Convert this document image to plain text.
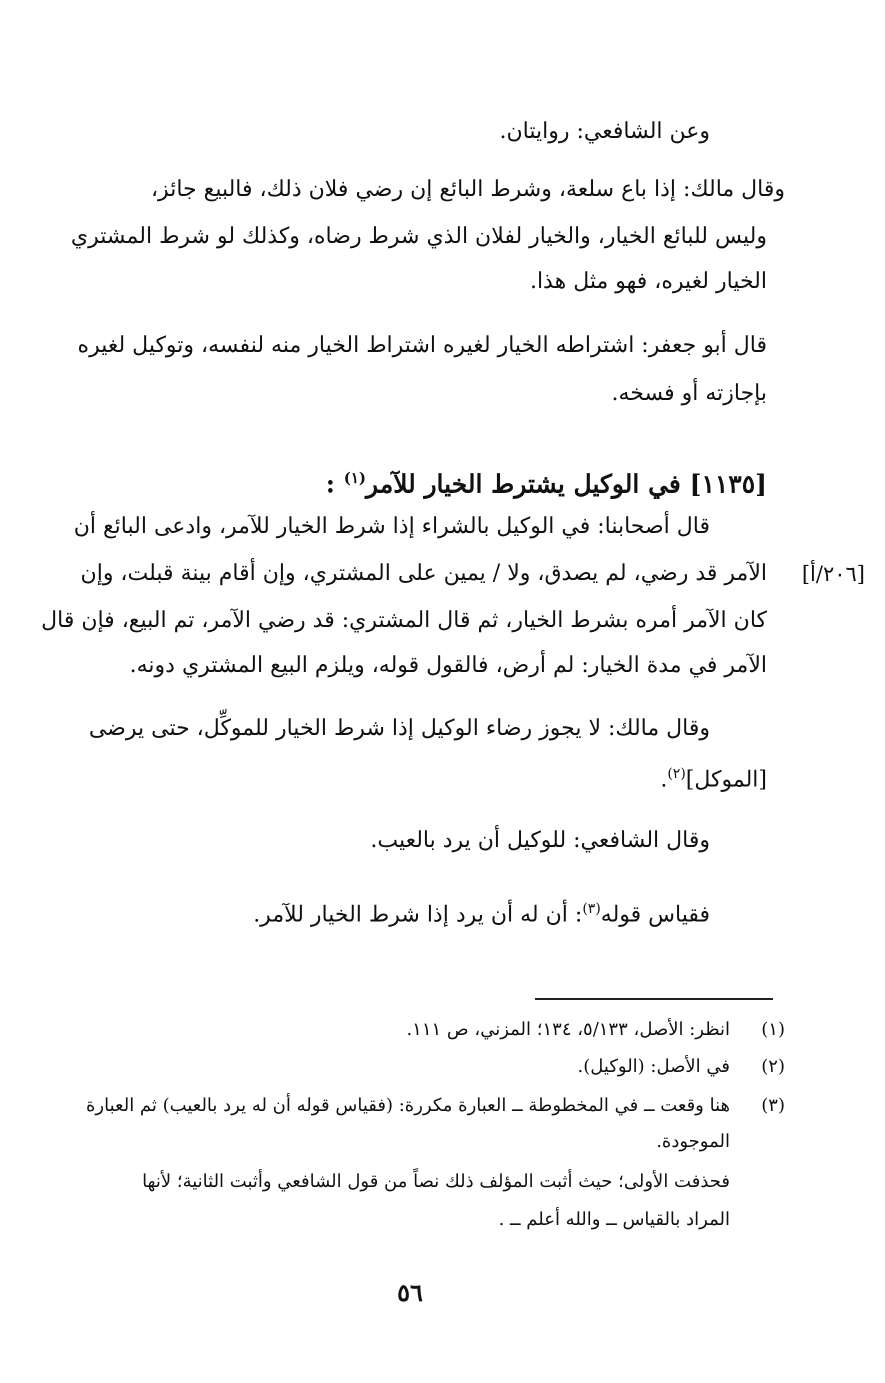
وعن الشافعي: روايتان.
وقال مالك: إذا باع سلعة، وشرط البائع إن رضي فلان ذلك، فالبيع جائز،
وليس للبائع الخيار، والخيار لفلان الذي شرط رضاه، وكذلك لو شرط المشتري
الخيار لغيره، فهو مثل هذا.
قال أبو جعفر: اشتراطه الخيار لغيره اشتراط الخيار منه لنفسه، وتوكيل لغيره
بإجازته أو فسخه.
[١١٣٥] في الوكيل يشترط الخيار للآمر$^{(١)}$ :
قال أصحابنا: في الوكيل بالشراء إذا شرط الخيار للآمر، وادعى البائع أن
الآمر قد رضي، لم يصدق، ولا / يمين على المشتري، وإن أقام بينة قبلت، وإن [٢٠٦/أ]
كان الآمر أمره بشرط الخيار، ثم قال المشتري: قد رضي الآمر، تم البيع، فإن قال
الآمر في مدة الخيار: لم أرض، فالقول قوله، ويلزم البيع المشتري دونه.
وقال مالك: لا يجوز رضاء الوكيل إذا شرط الخيار للموكِّل، حتى يرضى
[الموكل]$^{(٢)}$.
وقال الشافعي: للوكيل أن يرد بالعيب.
فقياس قوله$^{(٣)}$: أن له أن يرد إذا شرط الخيار للآمر.
(١)
انظر: الأصل، ٥/١٣٣، ١٣٤؛ المزني، ص ١١١.
(٢)
في الأصل: (الوكيل).
(٣)
هنا وقعت ــ في المخطوطة ــ العبارة مكررة: (فقياس قوله أن له يرد بالعيب) ثم العبارة
الموجودة.
فحذفت الأولى؛ حيث أثبت المؤلف ذلك نصاً من قول الشافعي وأثبت الثانية؛ لأنها
المراد بالقياس ــ والله أعلم ــ .
٥٦
